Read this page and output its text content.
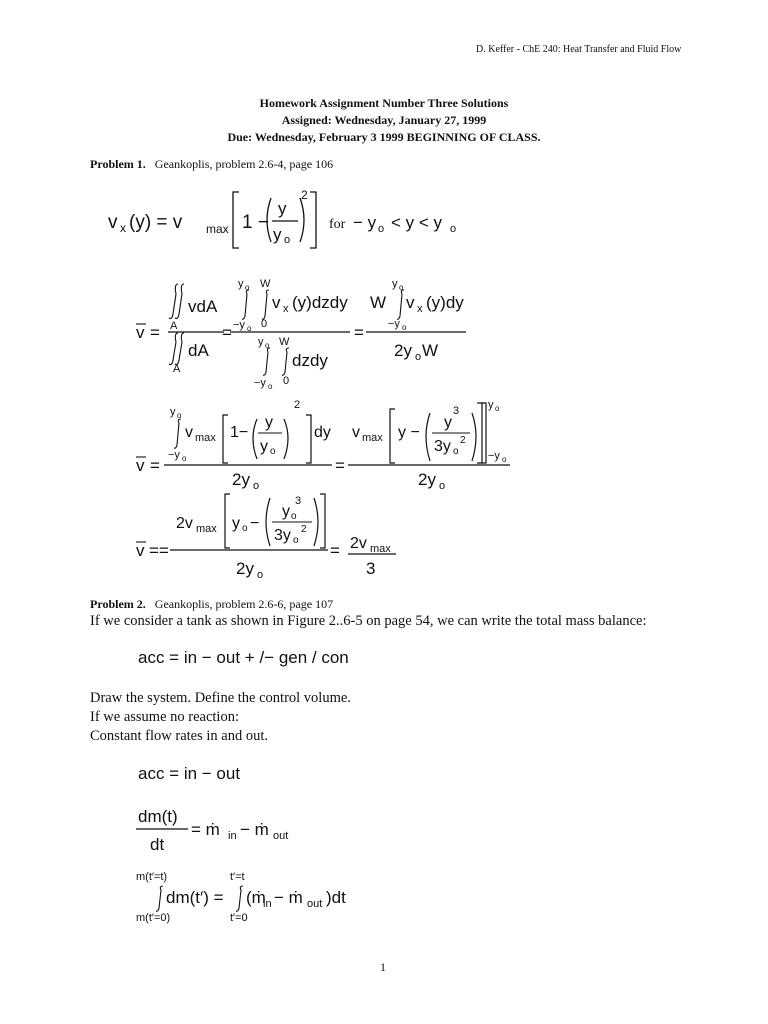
D. Keffer - ChE 240: Heat Transfer and Fluid Flow
Homework Assignment Number Three Solutions
Assigned: Wednesday, January 27, 1999
Due: Wednesday, February 3 1999 BEGINNING OF CLASS.
Problem 1. Geankoplis, problem 2.6-4, page 106
v x (y) = v max 1 −
y
y o
2
for − y o < y < y o
v =
vdA
A
dA
A
=
y o W
v x (y)dzdy
−y o 0
y o W
dzdy
−y o 0
=
y o
W v x (y)dy
−y o
2y o W
v =
y o
v max 1−
y
y o
2
dy
−y o
2y o
=
v max y −
y
3
3y o
2
y o
−y o
2y o
v ==
2v max y o −
y o
3
3y o
2
2y o
= 2v max
3
Problem 2. Geankoplis, problem 2.6-6, page 107
If we consider a tank as shown in Figure 2..6-5 on page 54, we can write the total mass balance:
acc = in − out + /− gen / con
Draw the system. Define the control volume.
If we assume no reaction:
Constant flow rates in and out.
acc = in − out
dm(t)
dt
= ṁ in − ṁ out
m(t′=t)
dm(t′) =
m(t′=0)
t′=t
(ṁ
in − ṁ out )dt
t′=0
1
